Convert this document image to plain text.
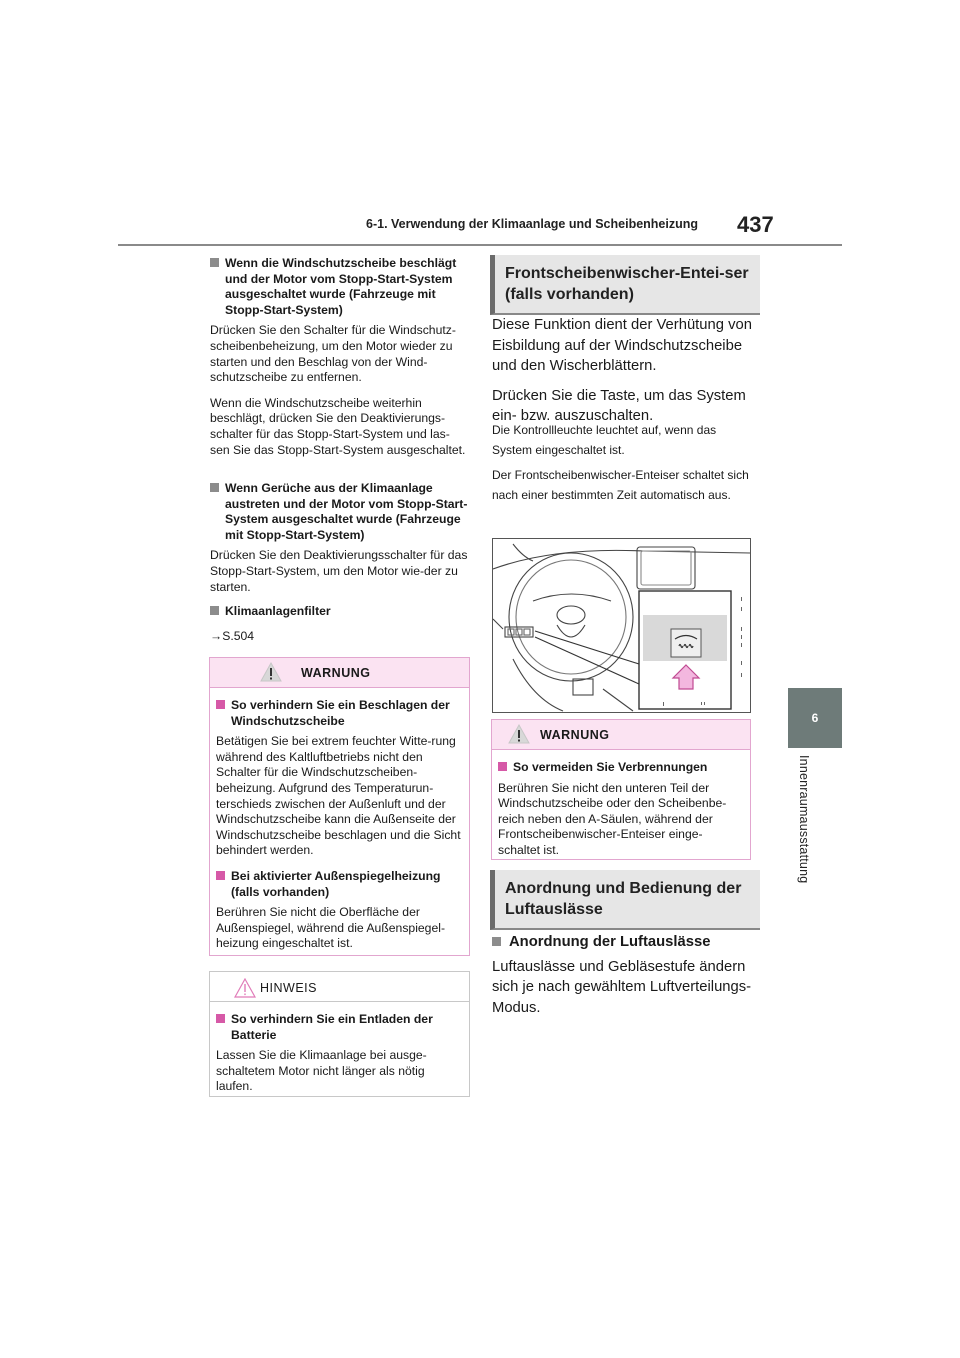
6-1. Verwendung der Klimaanlage und Scheibenheizung 437
6
Innenraumausstattung
Wenn die Windschutzscheibe beschlägt und der Motor vom Stopp-Start-System ausgeschaltet wurde (Fahrzeuge mit Stopp-Start-System)

Drücken Sie den Schalter für die Windschutz-scheibenbeheizung, um den Motor wieder zu starten und den Beschlag von der Wind-schutzscheibe zu entfernen.

Wenn die Windschutzscheibe weiterhin beschlägt, drücken Sie den Deaktivierungs-schalter für das Stopp-Start-System und las-sen Sie das Stopp-Start-System ausgeschaltet.

Wenn Gerüche aus der Klimaanlage austreten und der Motor vom Stopp-Start-System ausgeschaltet wurde (Fahrzeuge mit Stopp-Start-System)

Drücken Sie den Deaktivierungsschalter für das Stopp-Start-System, um den Motor wie-der zu starten.

Klimaanlagenfilter

→S.504

WARNUNG
So verhindern Sie ein Beschlagen der Windschutzscheibe

Betätigen Sie bei extrem feuchter Witte-rung während des Kaltluftbetriebs nicht den Schalter für die Windschutzscheiben-beheizung. Aufgrund des Temperaturun-terschieds zwischen der Außenluft und der Windschutzscheibe kann die Außenseite der Windschutzscheibe beschlagen und die Sicht behindert werden.

Bei aktivierter Außenspiegelheizung (falls vorhanden)

Berühren Sie nicht die Oberfläche der Außenspiegel, während die Außenspiegel-heizung eingeschaltet ist.

HINWEIS
So verhindern Sie ein Entladen der Batterie

Lassen Sie die Klimaanlage bei ausge-schaltetem Motor nicht länger als nötig laufen.

Frontscheibenwischer-Entei-ser (falls vorhanden)

Diese Funktion dient der Verhütung von Eisbildung auf der Windschutzscheibe und den Wischerblättern.

Drücken Sie die Taste, um das System ein- bzw. auszuschalten.

Die Kontrollleuchte leuchtet auf, wenn das System eingeschaltet ist.

Der Frontscheibenwischer-Enteiser schaltet sich nach einer bestimmten Zeit automatisch aus.

WARNUNG
So vermeiden Sie Verbrennungen

Berühren Sie nicht den unteren Teil der Windschutzscheibe oder den Scheibenbe-reich neben den A-Säulen, während der Frontscheibenwischer-Enteiser einge-schaltet ist.

Anordnung und Bedienung der Luftauslässe
Anordnung der Luftauslässe

Luftauslässe und Gebläsestufe ändern sich je nach gewähltem Luftverteilungs-Modus.
